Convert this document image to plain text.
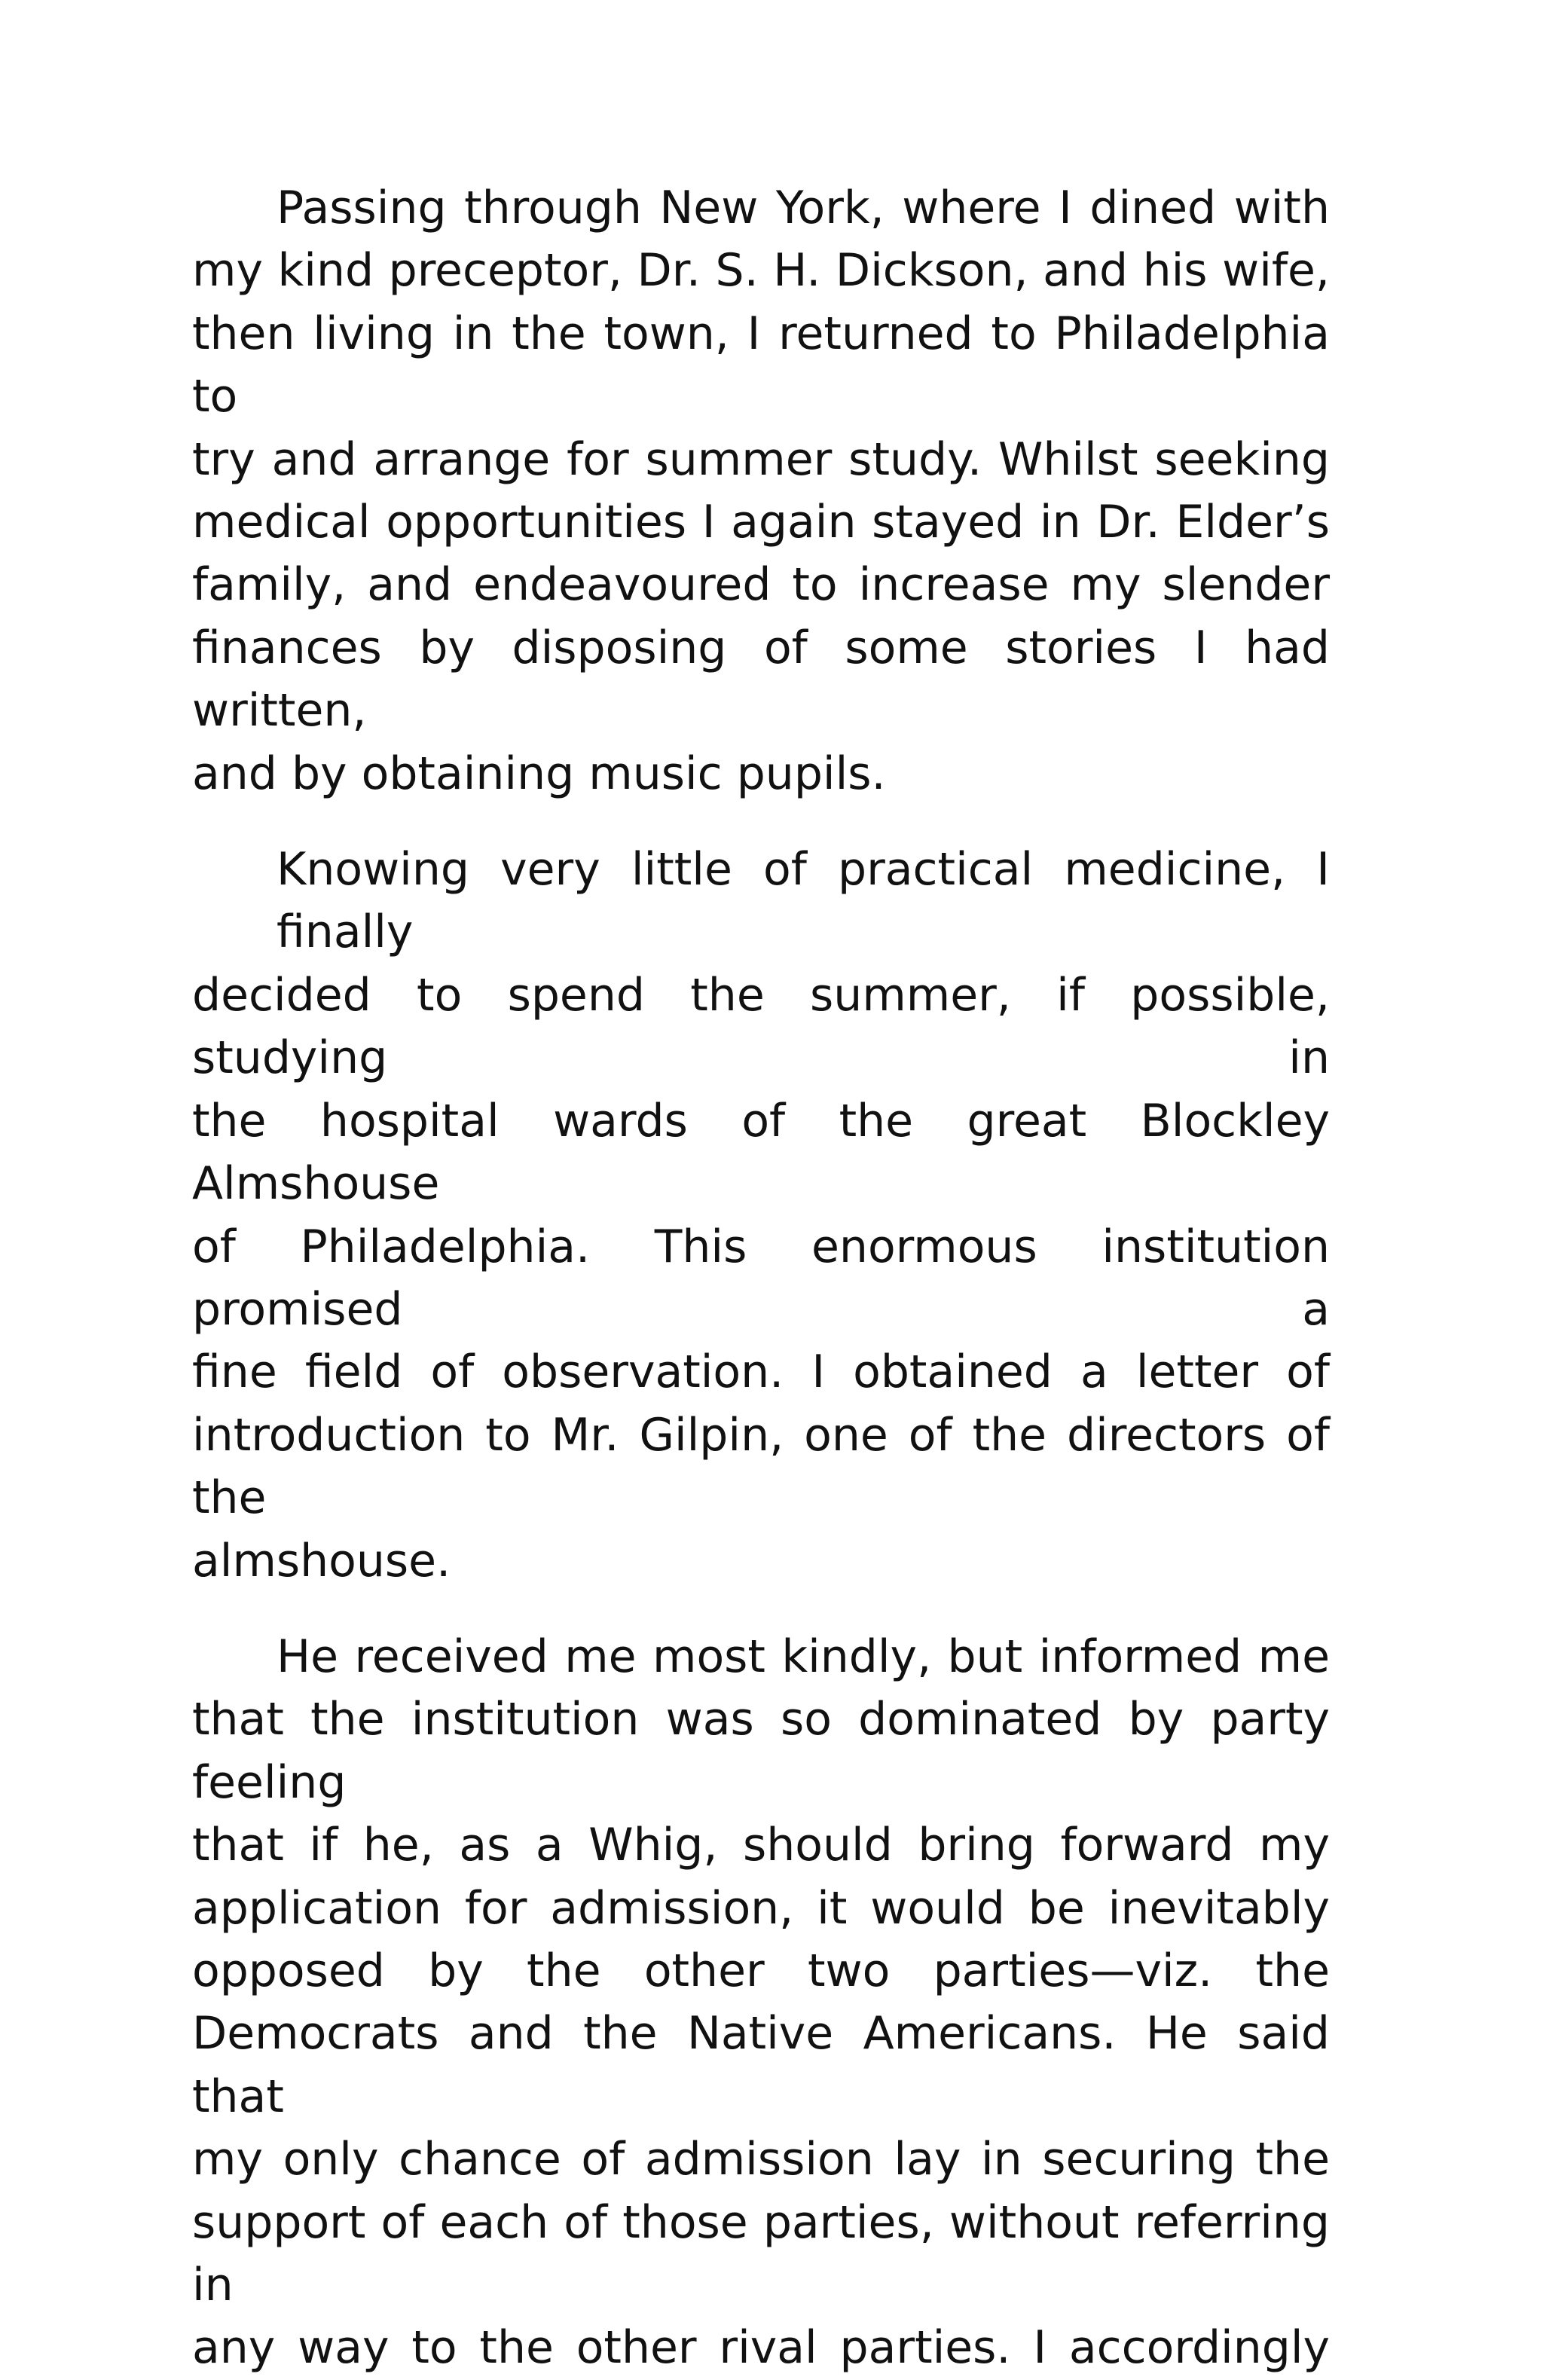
Passing through New York, where I dined with
my kind preceptor, Dr. S. H. Dickson, and his wife,
then living in the town, I returned to Philadelphia to
try and arrange for summer study. Whilst seeking
medical opportunities I again stayed in Dr. Elder’s
family, and endeavoured to increase my slender
finances by disposing of some stories I had written,
and by obtaining music pupils.

Knowing very little of practical medicine, I finally
decided to spend the summer, if possible, studying in
the hospital wards of the great Blockley Almshouse
of Philadelphia. This enormous institution promised a
fine field of observation. I obtained a letter of
introduction to Mr. Gilpin, one of the directors of the
almshouse.

He received me most kindly, but informed me
that the institution was so dominated by party feeling
that if he, as a Whig, should bring forward my
application for admission, it would be inevitably
opposed by the other two parties—viz. the
Democrats and the Native Americans. He said that
my only chance of admission lay in securing the
support of each of those parties, without referring in
any way to the other rival parties. I accordingly
